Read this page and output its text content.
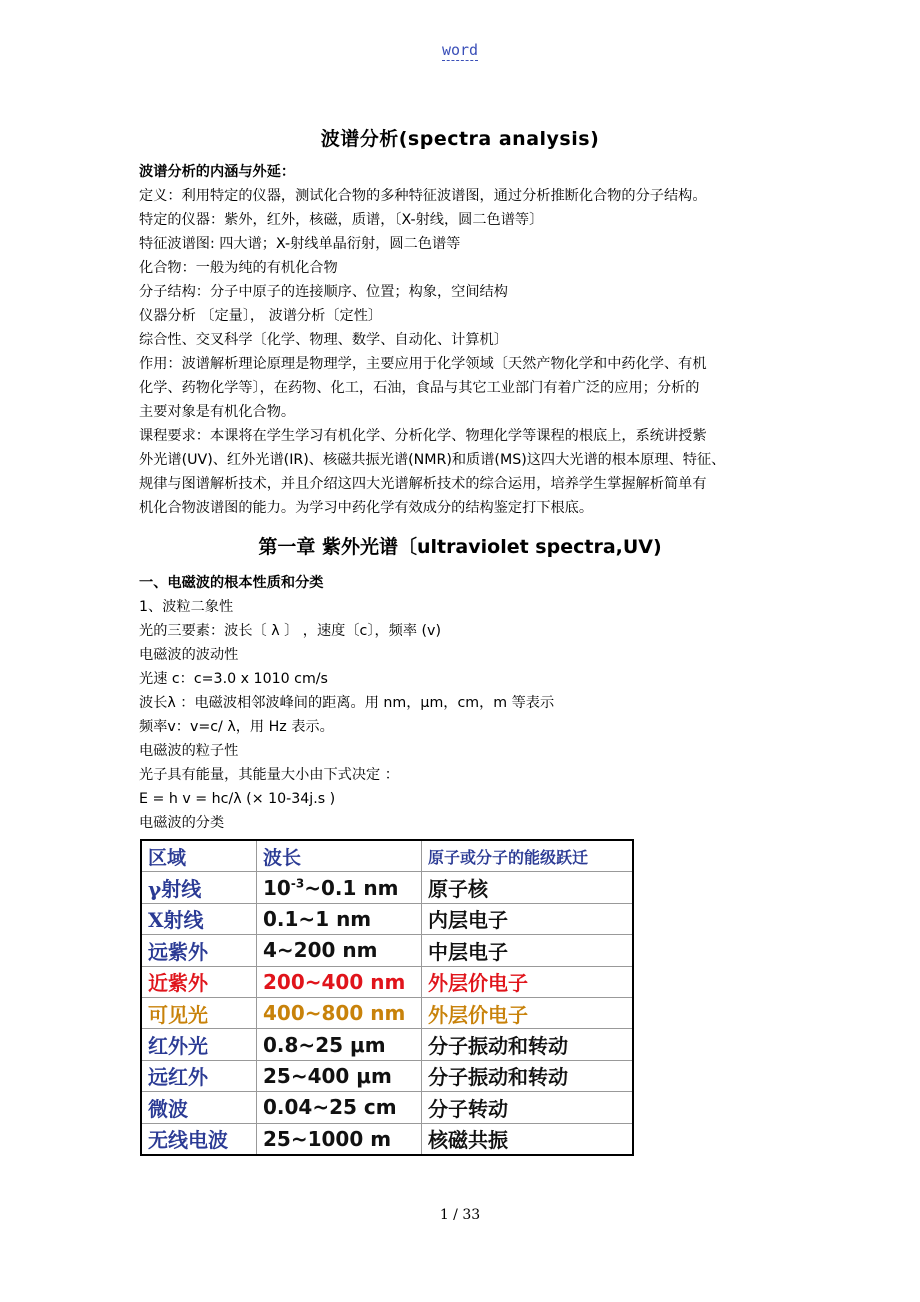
word
波谱分析(spectra analysis)

波谱分析的内涵与外延：

定义：利用特定的仪器，测试化合物的多种特征波谱图，通过分析推断化合物的分子结构。

特定的仪器：紫外，红外，核磁，质谱，〔X-射线，圆二色谱等〕

特征波谱图: 四大谱；X-射线单晶衍射，圆二色谱等

化合物：一般为纯的有机化合物

分子结构：分子中原子的连接顺序、位置；构象，空间结构

仪器分析 〔定量〕， 波谱分析〔定性〕

综合性、交叉科学〔化学、物理、数学、自动化、计算机〕

作用：波谱解析理论原理是物理学，主要应用于化学领域〔天然产物化学和中药化学、有机

化学、药物化学等〕，在药物、化工，石油，食品与其它工业部门有着广泛的应用；分析的

主要对象是有机化合物。

课程要求：本课将在学生学习有机化学、分析化学、物理化学等课程的根底上，系统讲授紫

外光谱(UV)、红外光谱(IR)、核磁共振光谱(NMR)和质谱(MS)这四大光谱的根本原理、特征、

规律与图谱解析技术，并且介绍这四大光谱解析技术的综合运用，培养学生掌握解析简单有

机化合物波谱图的能力。为学习中药化学有效成分的结构鉴定打下根底。

第一章 紫外光谱〔ultraviolet spectra,UV)

一、电磁波的根本性质和分类

1、波粒二象性

光的三要素：波长〔 λ 〕 ，速度〔c〕，频率 (v)

电磁波的波动性

光速 c：c=3.0 x 1010 cm/s

波长λ ：电磁波相邻波峰间的距离。用 nm，μm，cm，m 等表示

频率v：v=c/ λ，用 Hz 表示。

电磁波的粒子性

光子具有能量，其能量大小由下式决定 ：

E = h v = hc/λ (× 10-34j.s )

电磁波的分类

区域	波长	原子或分子的能级跃迁
γ射线	$10^{-3}\sim 0.1$ nm	原子核
X射线	0.1~1 nm	内层电子
远紫外	4~200 nm	中层电子
近紫外	200~400 nm	外层价电子
可见光	400~800 nm	外层价电子
红外光	0.8~25 μm	分子振动和转动
远红外	25~400 μm	分子振动和转动
微波	0.04~25 cm	分子转动
无线电波	25~1000 m	核磁共振
1 / 33
